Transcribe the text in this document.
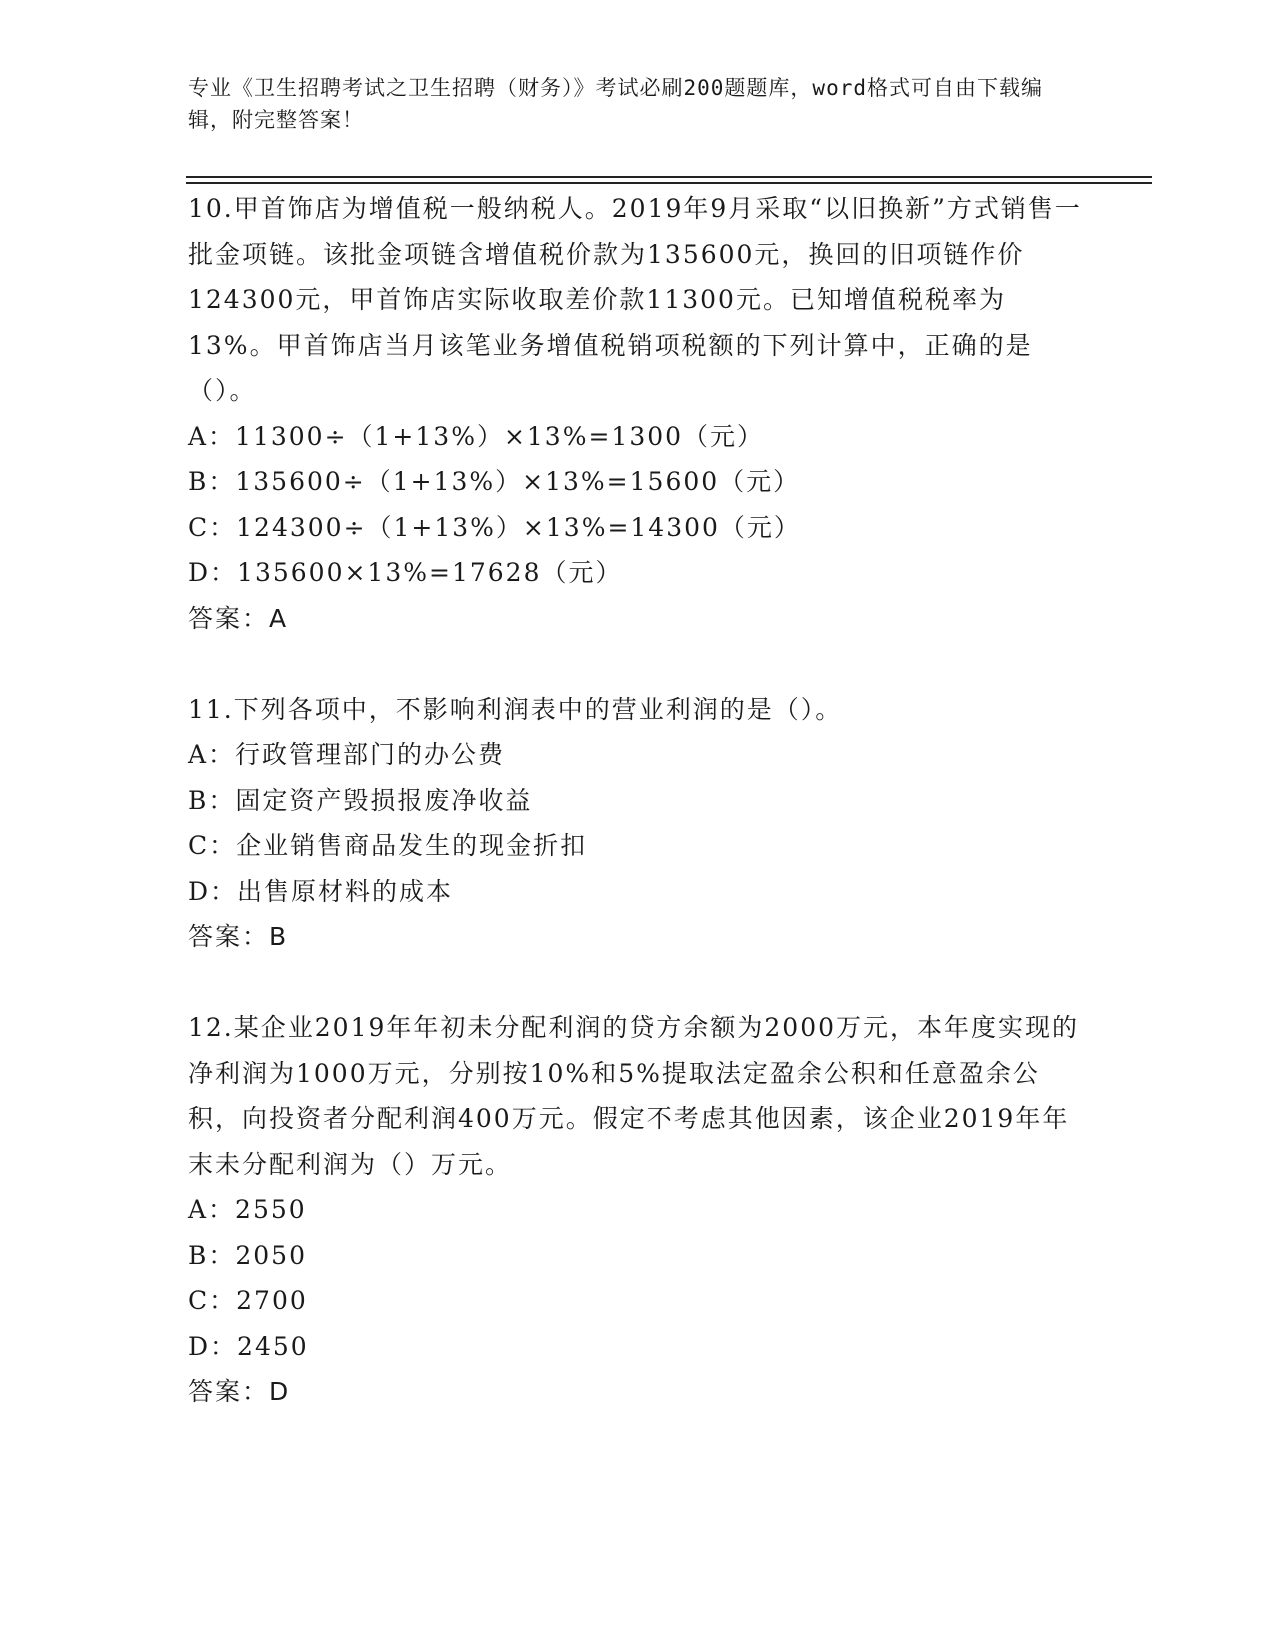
专业《卫生招聘考试之卫生招聘（财务）》考试必刷200题题库，word格式可自由下载编辑，附完整答案！

10.甲首饰店为增值税一般纳税人。2019年9月采取“以旧换新”方式销售一批金项链。该批金项链含增值税价款为135600元，换回的旧项链作价124300元，甲首饰店实际收取差价款11300元。已知增值税税率为13%。甲首饰店当月该笔业务增值税销项税额的下列计算中，正确的是（）。

A：11300÷（1+13%）×13%=1300（元）

B：135600÷（1+13%）×13%=15600（元）

C：124300÷（1+13%）×13%=14300（元）

D：135600×13%=17628（元）

答案：A

11.下列各项中，不影响利润表中的营业利润的是（）。

A：行政管理部门的办公费

B：固定资产毁损报废净收益

C：企业销售商品发生的现金折扣

D：出售原材料的成本

答案：B

12.某企业2019年年初未分配利润的贷方余额为2000万元，本年度实现的净利润为1000万元，分别按10%和5%提取法定盈余公积和任意盈余公积，向投资者分配利润400万元。假定不考虑其他因素，该企业2019年年末未分配利润为（）万元。

A：2550

B：2050

C：2700

D：2450

答案：D
